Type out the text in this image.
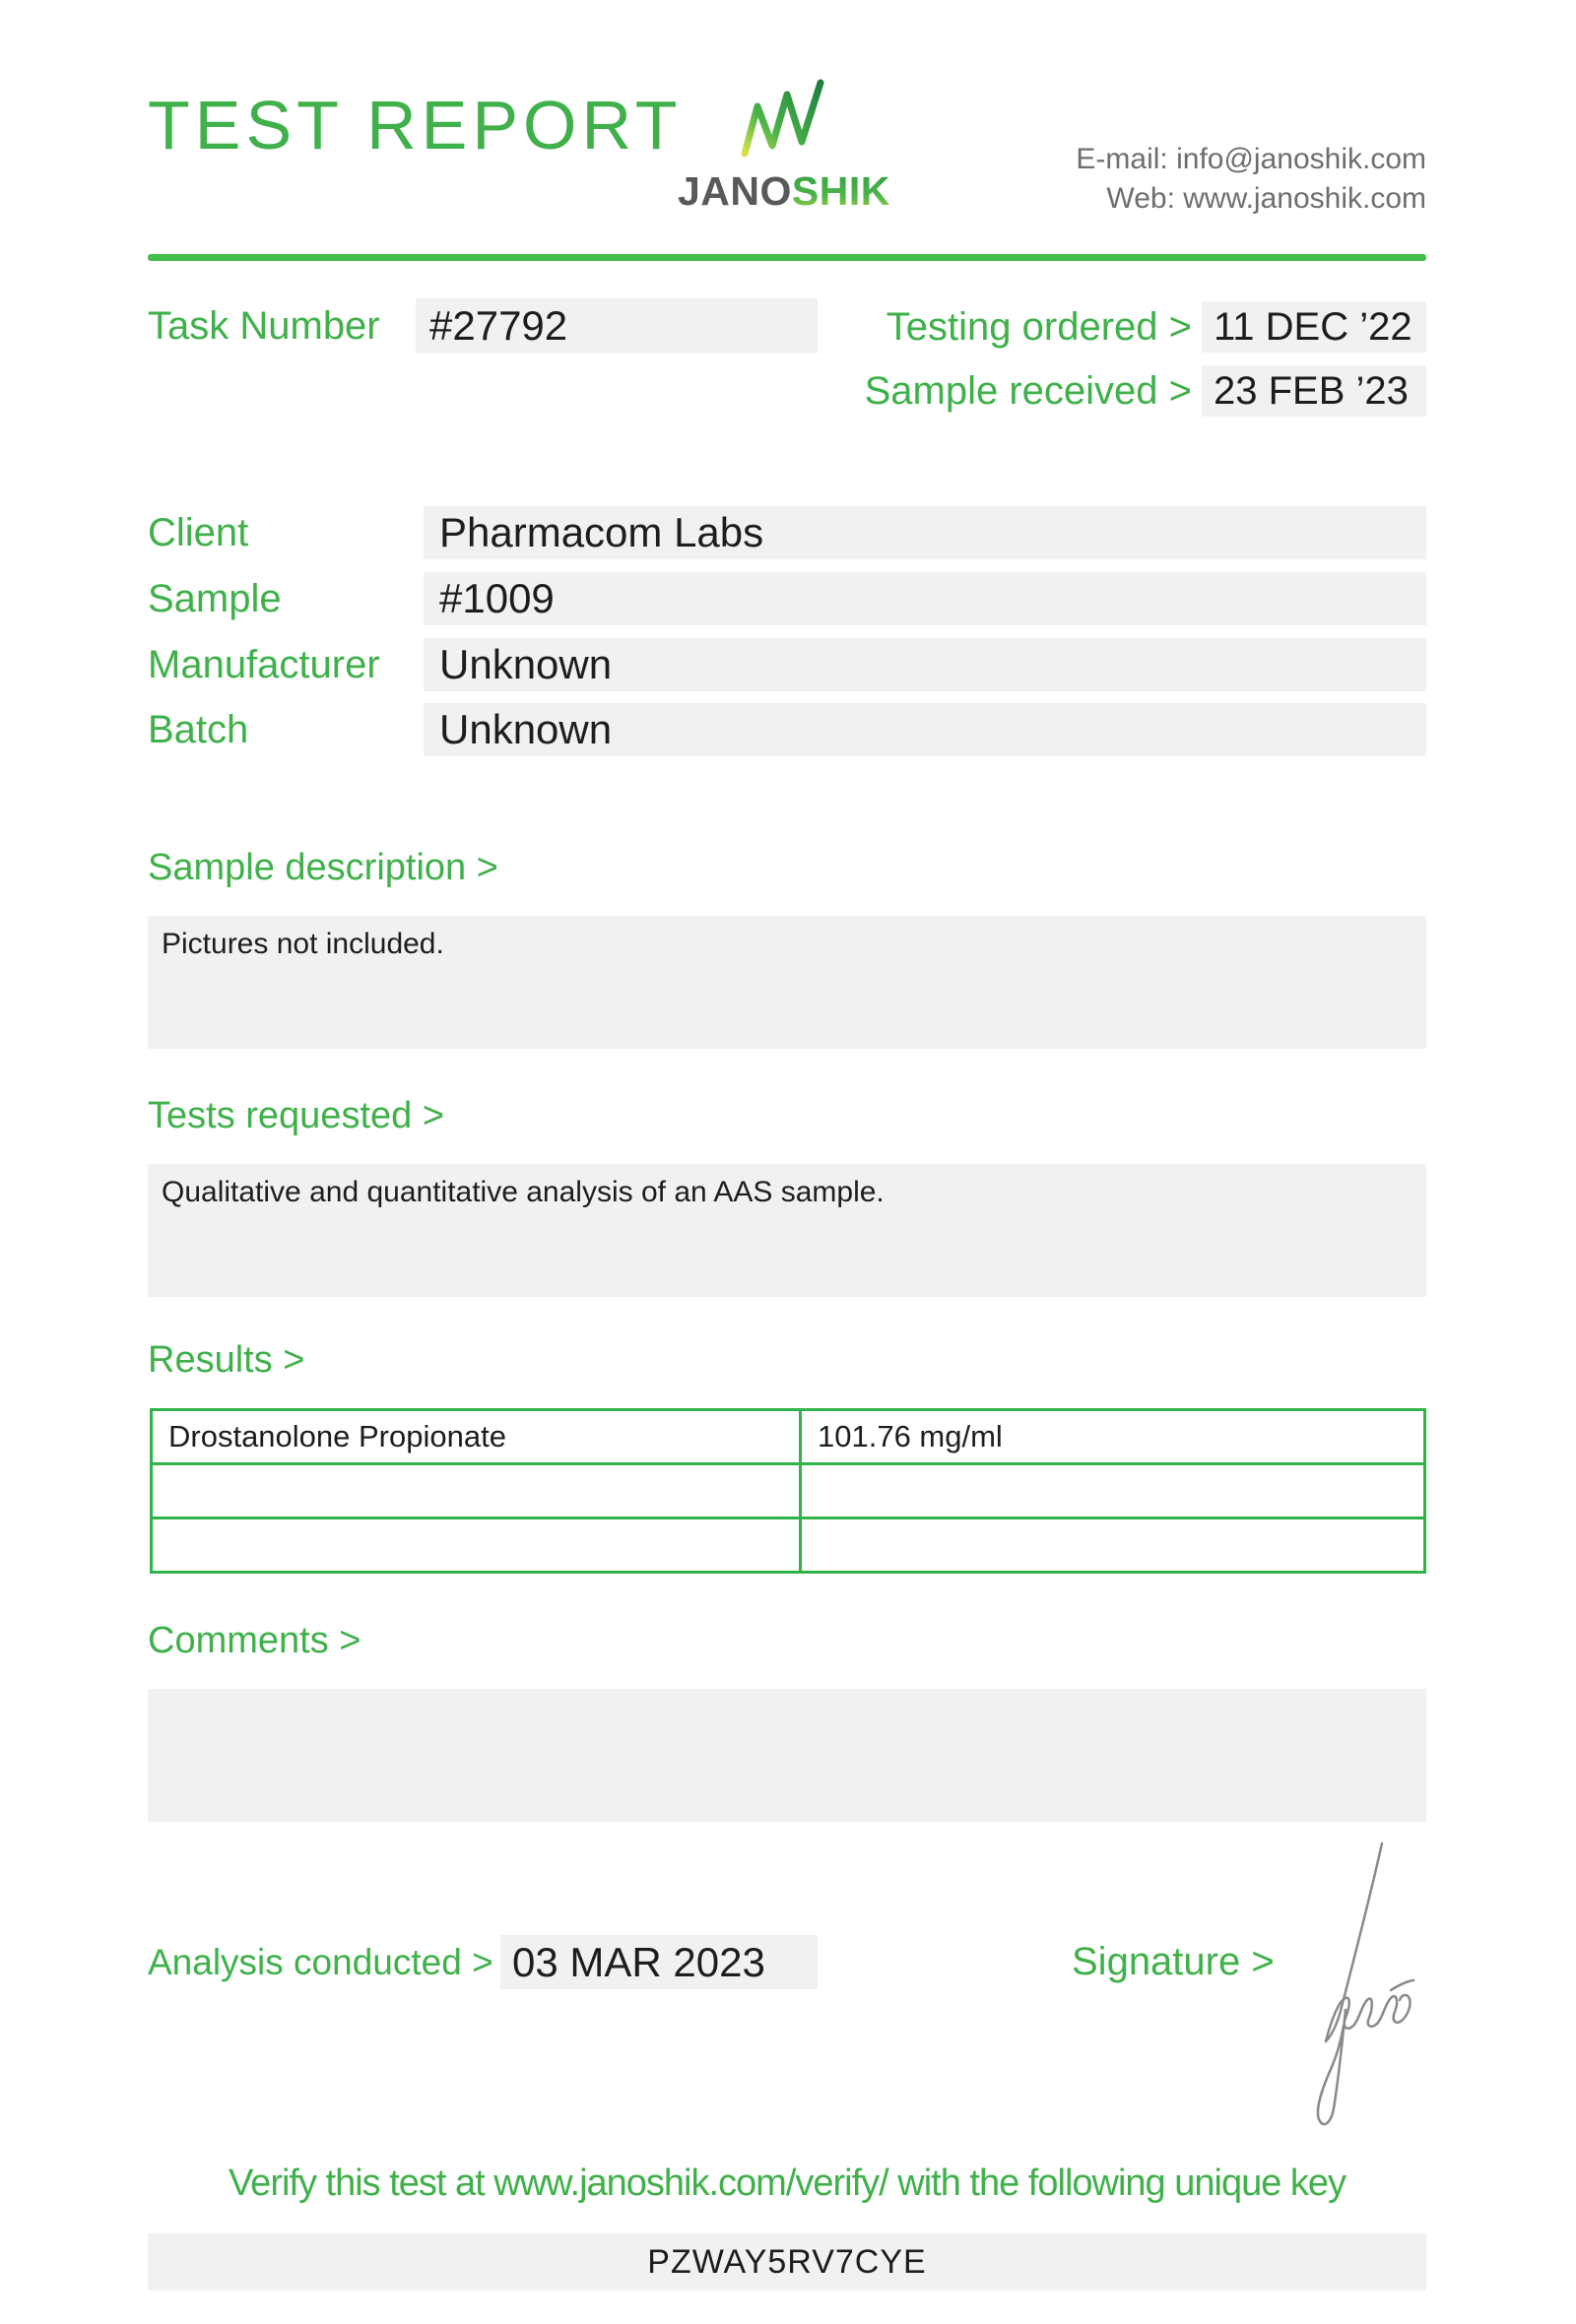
TEST REPORT
JANOSHIK
E-mail: info@janoshik.com
Web: www.janoshik.com
Task Number	#27792	Testing ordered > 11 DEC ’22
Sample received > 23 FEB ’23
Client	Pharmacom Labs
Sample	#1009
Manufacturer	Unknown
Batch	Unknown
Sample description >
Pictures not included.
Tests requested >
Qualitative and quantitative analysis of an AAS sample.
Results >
Drostanolone Propionate	101.76 mg/ml
Comments >
Analysis conducted > 03 MAR 2023	Signature >
Verify this test at www.janoshik.com/verify/ with the following unique key
PZWAY5RV7CYE
